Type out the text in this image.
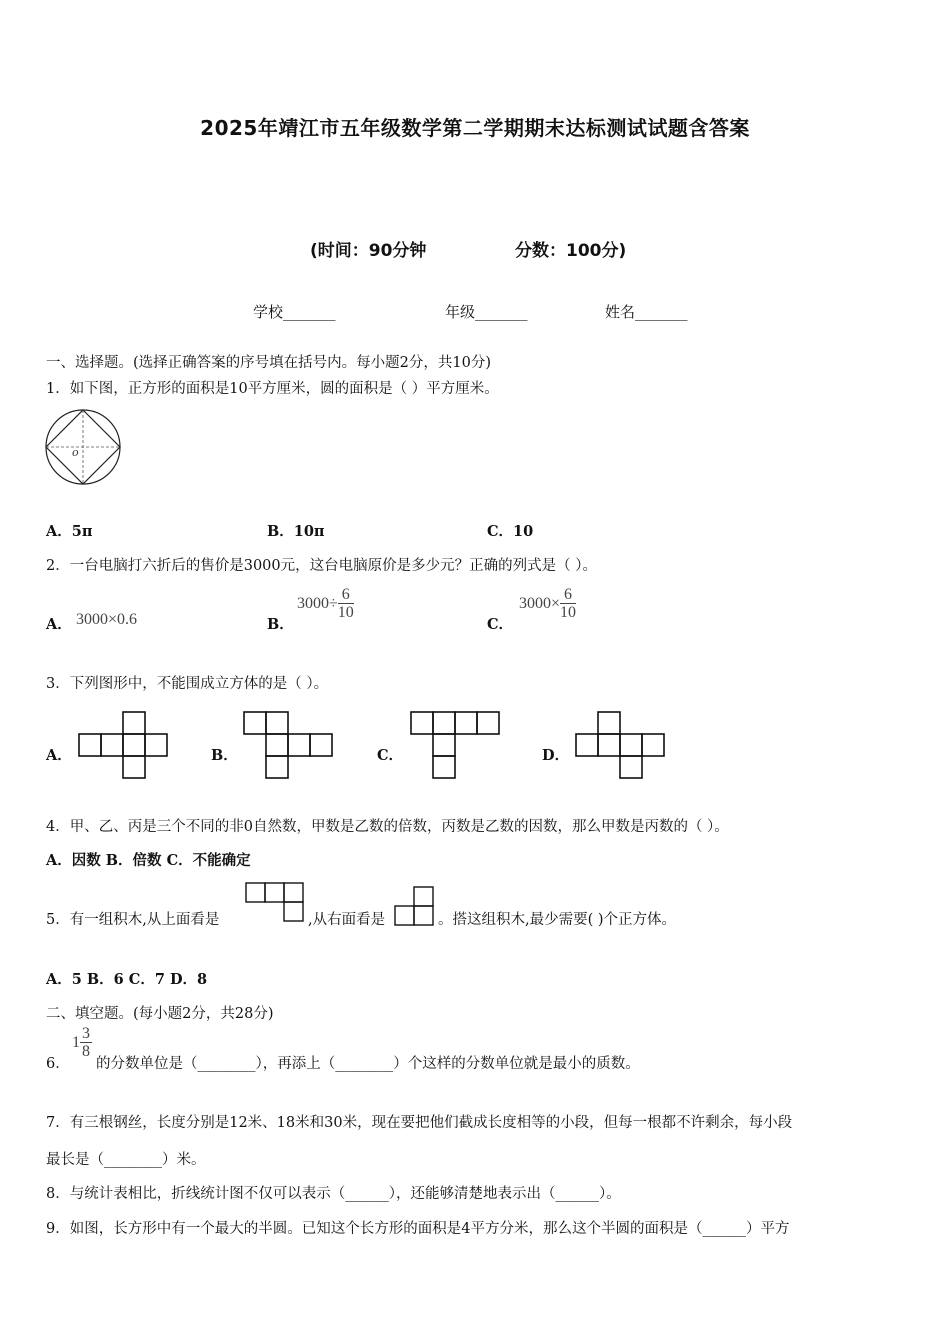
2025年靖江市五年级数学第二学期期末达标测试试题含答案
(时间：90分钟	分数：100分)
学校_______	年级_______	姓名_______
一、选择题。(选择正确答案的序号填在括号内。每小题2分，共10分)
1．如下图，正方形的面积是10平方厘米，圆的面积是（ ）平方厘米。
o
A．5π	B．10π	C．10
2．一台电脑打六折后的售价是3000元，这台电脑原价是多少元？正确的列式是（ ）。
A． 3000×0.6	B．
$3000\div \frac{6}{10}$
C．
$3000\times \frac{6}{10}$
3．下列图形中，不能围成立方体的是（ ）。
A．	B．	C．	D．
4．甲、乙、丙是三个不同的非0自然数，甲数是乙数的倍数，丙数是乙数的因数，那么甲数是丙数的（ ）。
A．因数 B．倍数 C．不能确定
5．有一组积木,从上面看是	,从右面看是	。搭这组积木,最少需要( )个正方体。
A．5 B．6 C．7 D．8
二、填空题。(每小题2分，共28分)
6．
$1 \frac{3}{8}$
的分数单位是（________），再添上（________）个这样的分数单位就是最小的质数。
7．有三根钢丝，长度分别是12米、18米和30米，现在要把他们截成长度相等的小段，但每一根都不许剩余，每小段
最长是（________）米。
8．与统计表相比，折线统计图不仅可以表示（______），还能够清楚地表示出（______）。
9．如图，长方形中有一个最大的半圆。已知这个长方形的面积是4平方分米，那么这个半圆的面积是（______）平方
